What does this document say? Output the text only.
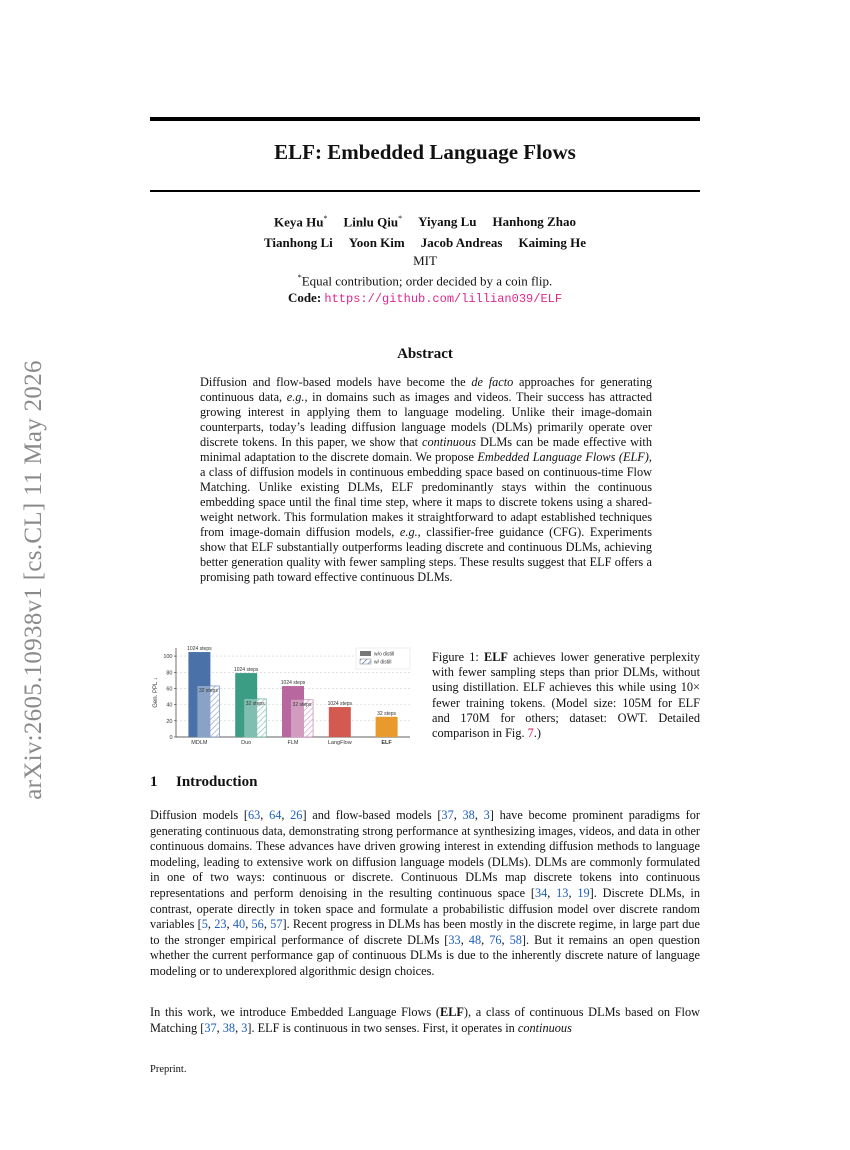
arXiv:2605.10938v1 [cs.CL] 11 May 2026
ELF: Embedded Language Flows
Keya Hu* Linlu Qiu* Yiyang Lu Hanhong Zhao
Tianhong Li Yoon Kim Jacob Andreas Kaiming He
MIT
*Equal contribution; order decided by a coin flip.
Code: https://github.com/lillian039/ELF
Abstract

Diffusion and flow-based models have become the de facto approaches for generating continuous data, e.g., in domains such as images and videos. Their success has attracted growing interest in applying them to language modeling. Unlike their image-domain counterparts, today’s leading diffusion language models (DLMs) primarily operate over discrete tokens. In this paper, we show that continuous DLMs can be made effective with minimal adaptation to the discrete domain. We propose Embedded Language Flows (ELF), a class of diffusion models in continuous embedding space based on continuous-time Flow Matching. Unlike existing DLMs, ELF predominantly stays within the continuous embedding space until the final time step, where it maps to discrete tokens using a shared-weight network. This formulation makes it straightforward to adapt established techniques from image-domain diffusion models, e.g., classifier-free guidance (CFG). Experiments show that ELF substantially outperforms leading discrete and continuous DLMs, achieving better generation quality with fewer sampling steps. These results suggest that ELF offers a promising path toward effective continuous DLMs.

0
20
40
60
80
100
Gen. PPL ↓
1024 steps
32 steps
MDLM
1024 steps
32 steps
Duo
1024 steps
32 steps
FLM
1024 steps
LangFlow
32 steps
ELF
w/o distill
w/ distill	Figure 1: ELF achieves lower generative perplexity with fewer sampling steps than prior DLMs, without using distillation. ELF achieves this while using 10× fewer training tokens. (Model size: 105M for ELF and 170M for others; dataset: OWT. Detailed comparison in Fig. 7.)

1 Introduction

Diffusion models [63, 64, 26] and flow-based models [37, 38, 3] have become prominent paradigms for generating continuous data, demonstrating strong performance at synthesizing images, videos, and data in other continuous domains. These advances have driven growing interest in extending diffusion methods to language modeling, leading to extensive work on diffusion language models (DLMs). DLMs are commonly formulated in one of two ways: continuous or discrete. Continuous DLMs map discrete tokens into continuous representations and perform denoising in the resulting continuous space [34, 13, 19]. Discrete DLMs, in contrast, operate directly in token space and formulate a probabilistic diffusion model over discrete random variables [5, 23, 40, 56, 57]. Recent progress in DLMs has been mostly in the discrete regime, in large part due to the stronger empirical performance of discrete DLMs [33, 48, 76, 58]. But it remains an open question whether the current performance gap of continuous DLMs is due to the inherently discrete nature of language modeling or to underexplored algorithmic design choices.

In this work, we introduce Embedded Language Flows (ELF), a class of continuous DLMs based on Flow Matching [37, 38, 3]. ELF is continuous in two senses. First, it operates in continuous

Preprint.
